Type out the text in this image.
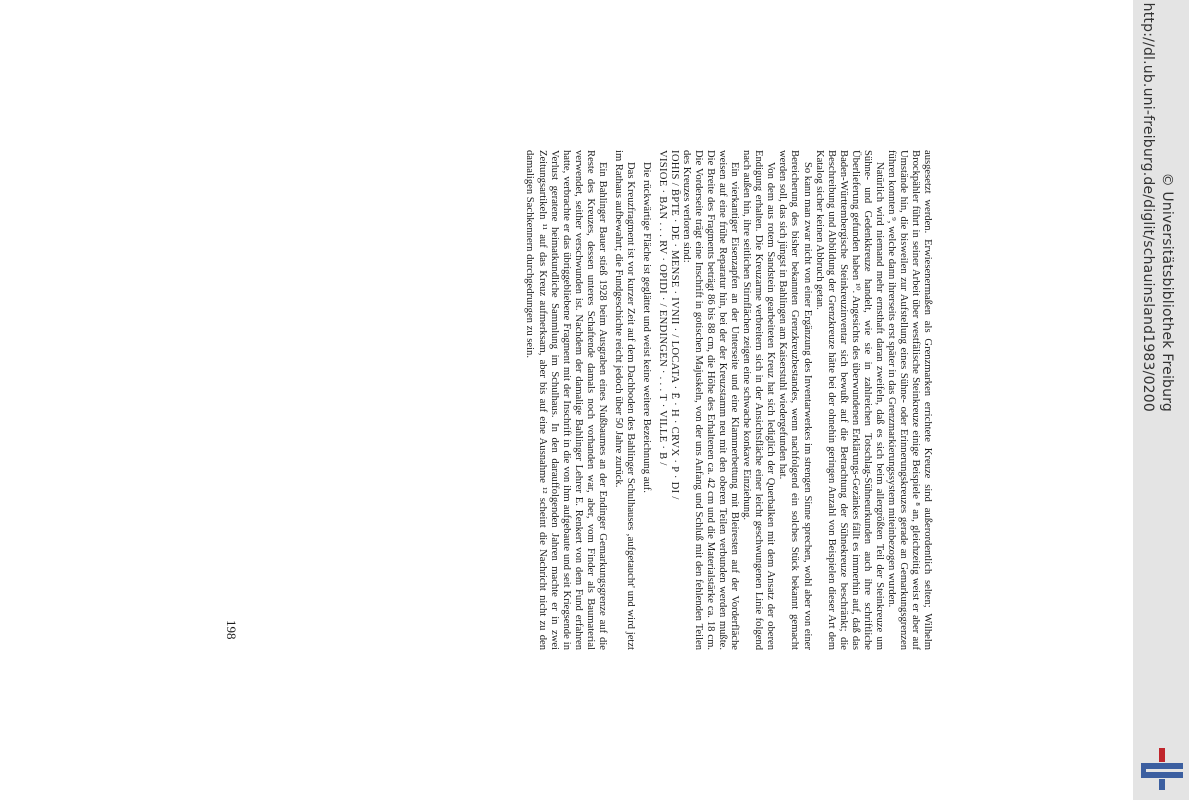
ausgesetzt werden. Erwiesenermaßen als Grenzmarken errichtete Kreuze sind außerordentlich selten; Wilhelm Brockpähler führt in seiner Arbeit über westfälische Steinkreuze einige Beispiele ⁸ an, gleichzeitig weist er aber auf Umstände hin, die bisweilen zur Aufstellung eines Sühne- oder Erinnerungskreuzes gerade an Gemarkungsgrenzen führen konnten ⁹, welche dann ihrerseits erst später in das Grenzmarkierungssystem miteinbezogen wurden.

Natürlich wird niemand mehr ernsthaft daran zweifeln, daß es sich beim allergrößten Teil der Steinkreuze um Sühne- und Gedenkkreuze handelt, wie sie in zahlreichen Totschlag-Sühneurkunden auch ihre schriftliche Überlieferung gefunden haben ¹⁰. Angesichts des überwundenen Erklärungs-Gezänkes fällt es immerhin auf, daß das Baden-Württembergische Steinkreuzinventar sich bewußt auf die Betrachtung der Sühnekreuze beschränkt; die Beschreibung und Abbildung der Grenzkreuze hätte bei der ohnehin geringen Anzahl von Beispielen dieser Art dem Katalog sicher keinen Abbruch getan.

So kann man zwar nicht von einer Ergänzung des Inventarwerkes im strengen Sinne sprechen, wohl aber von einer Bereicherung des bisher bekannten Grenzkreuzbestandes, wenn nachfolgend ein solches Stück bekannt gemacht werden soll, das sich jüngst in Bahlingen am Kaiserstuhl wiedergefunden hat.

Von dem aus rotem Sandstein gearbeiteten Kreuz hat sich lediglich der Querbalken mit dem Ansatz der oberen Endigung erhalten. Die Kreuzarme verbreitern sich in der Ansichtsfläche einer leicht geschwungenen Linie folgend nach außen hin, ihre seitlichen Stirnflächen zeigen eine schwache konkave Einziehung.

Ein vierkantiger Eisenzapfen an der Unterseite und eine Klammerbettung mit Bleiresten auf der Vorderfläche weisen auf eine frühe Reparatur hin, bei der der Kreuzstamm neu mit den oberen Teilen verbunden werden mußte. Die Breite des Fragments beträgt 86 bis 88 cm, die Höhe des Erhaltenen ca. 42 cm und die Materialstärke ca. 18 cm. Die Vorderseite trägt eine Inschrift in gotischen Majuskeln, von der uns Anfang und Schluß mit den fehlenden Teilen des Kreuzes verloren sind:

IOHIS / B̄PTE · DE · MENSE · IVNII · / LOCATA · Ē · H · CRVX · P · DI /

VISIOE · BAN . . . RV · OPIDI · / ENDINGEN · . . . T · VILLE · B /

Die rückwärtige Fläche ist geglättet und weist keine weitere Bezeichnung auf.

Das Kreuzfragment ist vor kurzer Zeit auf dem Dachboden des Bahlinger Schulhauses ‚aufgetaucht' und wird jetzt im Rathaus aufbewahrt; die Fundgeschichte reicht jedoch über 50 Jahre zurück.

Ein Bahlinger Bauer stieß 1928 beim Ausgraben eines Nußbaumes an der Endinger Gemarkungsgrenze auf die Reste des Kreuzes, dessen unteres Schaftende damals noch vorhanden war, aber, vom Finder als Baumaterial verwendet, seither verschwunden ist. Nachdem der damalige Bahlinger Lehrer E. Renkert von dem Fund erfahren hatte, verbrachte er das übriggebliebene Fragment mit der Inschrift in die von ihm aufgebaute und seit Kriegsende in Verlust geratene heimatkundliche Sammlung im Schulhaus. In den darauffolgenden Jahren machte er in zwei Zeitungsartikeln ¹¹ auf das Kreuz aufmerksam, aber bis auf eine Ausnahme ¹² scheint die Nachricht nicht zu den damaligen Sachkennern durchgedrungen zu sein.

198
http://dl.ub.uni-freiburg.de/diglit/schauinsland1983/0200 © Universitätsbibliothek Freiburg
